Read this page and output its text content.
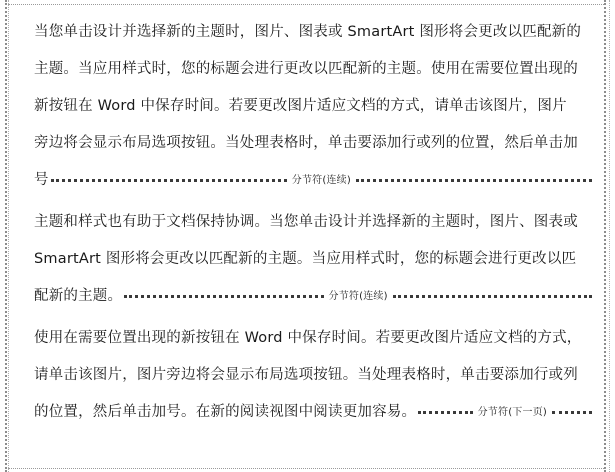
当您单击设计并选择新的主题时，图片、图表或 SmartArt 图形将会更改以匹配新的
主题。当应用样式时，您的标题会进行更改以匹配新的主题。使用在需要位置出现的
新按钮在 Word 中保存时间。若要更改图片适应文档的方式，请单击该图片，图片
旁边将会显示布局选项按钮。当处理表格时，单击要添加行或列的位置，然后单击加
号	分节符(连续)
主题和样式也有助于文档保持协调。当您单击设计并选择新的主题时，图片、图表或
SmartArt 图形将会更改以匹配新的主题。当应用样式时，您的标题会进行更改以匹
配新的主题。	分节符(连续)
使用在需要位置出现的新按钮在 Word 中保存时间。若要更改图片适应文档的方式，
请单击该图片，图片旁边将会显示布局选项按钮。当处理表格时，单击要添加行或列
的位置，然后单击加号。在新的阅读视图中阅读更加容易。	分节符(下一页)
